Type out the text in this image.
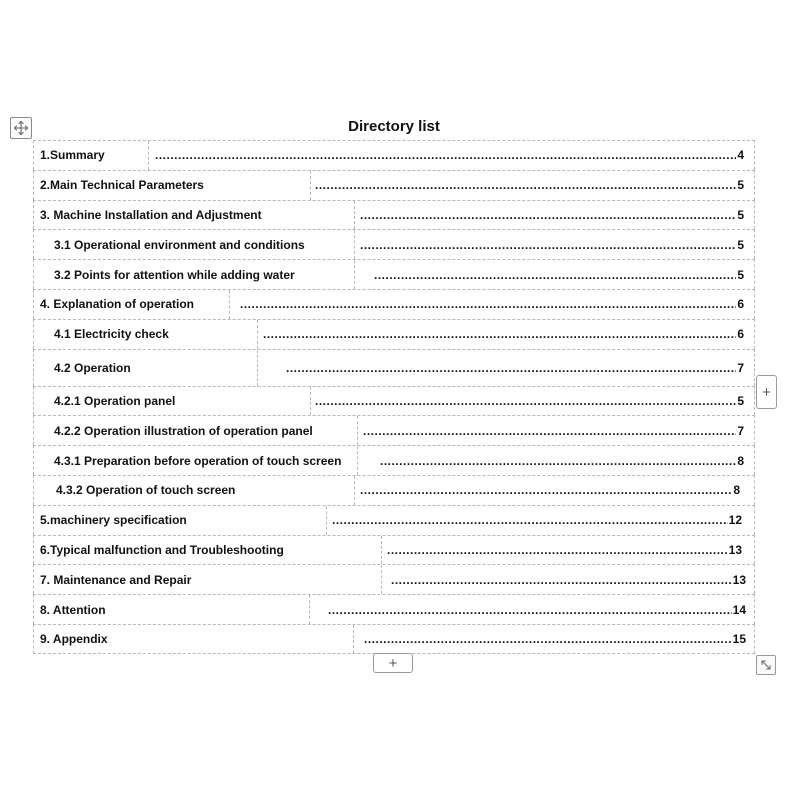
Directory list
1.Summary .....	4
2.Main Technical Parameters .....	5
3. Machine Installation and Adjustment .....	5
3.1 Operational environment and conditions .....	5
3.2 Points for attention while adding water .....	5
4. Explanation of operation .....	6
4.1 Electricity check .....	6
4.2 Operation .....	7
4.2.1 Operation panel .....	5
4.2.2 Operation illustration of operation panel .....	7
4.3.1 Preparation before operation of touch screen .....	8
4.3.2 Operation of touch screen .....	8
5.machinery specification .....	12
6.Typical malfunction and Troubleshooting .....	13
7. Maintenance and Repair .....	13
8. Attention .....	14
9. Appendix .....	15
+
+
